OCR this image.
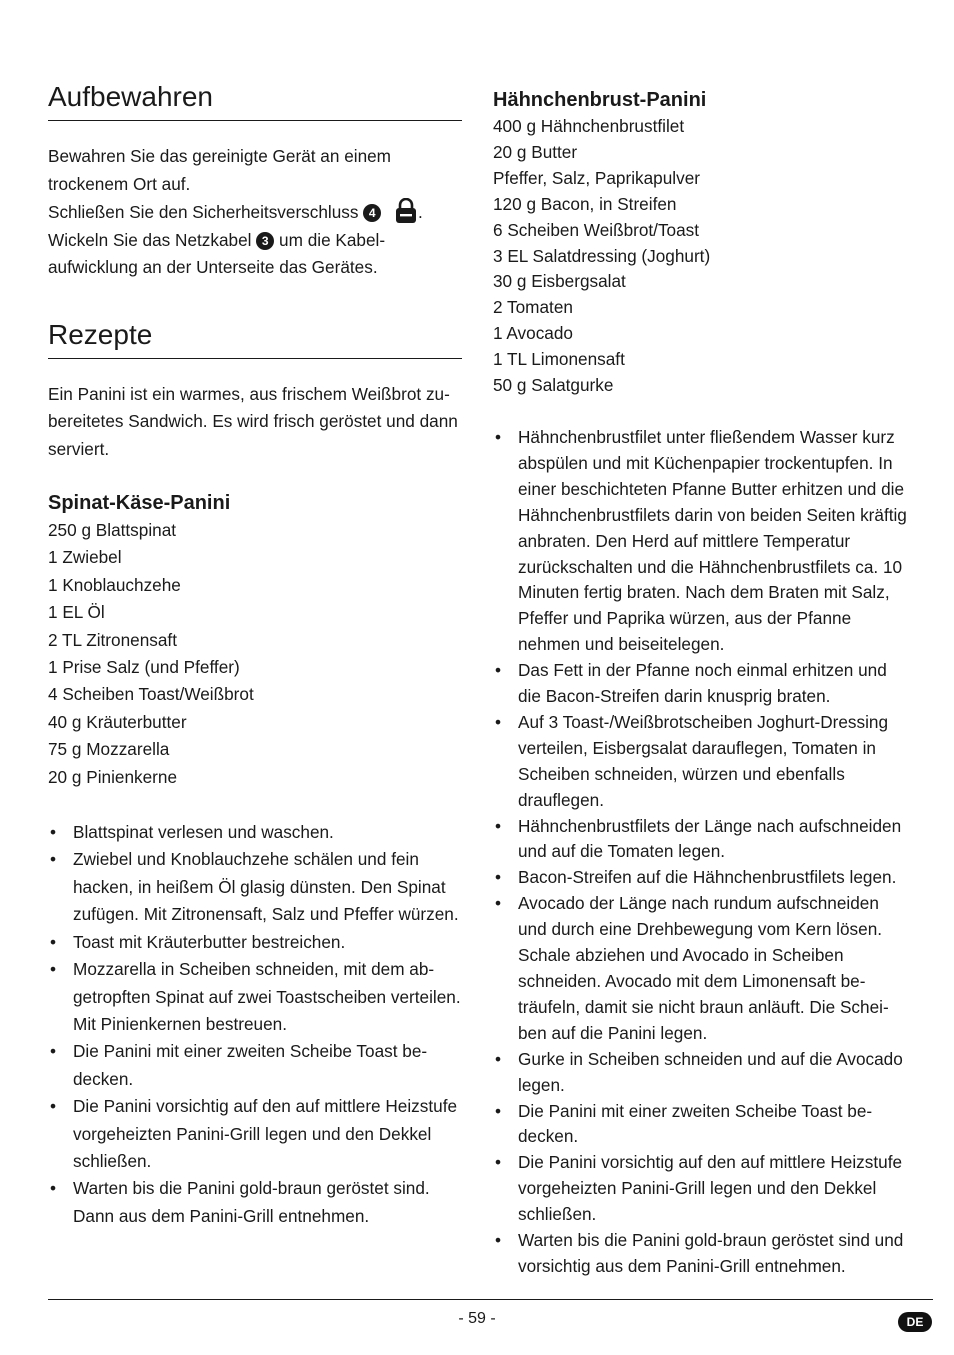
Aufbewahren

Bewahren Sie das gereinigte Gerät an einem trockenem Ort auf.
Schließen Sie den Sicherheitsverschluss 4 .
Wickeln Sie das Netzkabel 3 um die Kabelaufwicklung an der Unterseite das Gerätes.

Rezepte

Ein Panini ist ein warmes, aus frischem Weißbrot zubereitetes Sandwich. Es wird frisch geröstet und dann serviert.

Spinat-Käse-Panini
250 g Blattspinat
1 Zwiebel
1 Knoblauchzehe
1 EL Öl
2 TL Zitronensaft
1 Prise Salz (und Pfeffer)
4 Scheiben Toast/Weißbrot
40 g Kräuterbutter
75 g Mozzarella
20 g Pinienkerne
• Blattspinat verlesen und waschen.
• Zwiebel und Knoblauchzehe schälen und fein hacken, in heißem Öl glasig dünsten. Den Spinat zufügen. Mit Zitronensaft, Salz und Pfeffer würzen.
• Toast mit Kräuterbutter bestreichen.
• Mozzarella in Scheiben schneiden, mit dem abgetropften Spinat auf zwei Toastscheiben verteilen. Mit Pinienkernen bestreuen.
• Die Panini mit einer zweiten Scheibe Toast bedecken.
• Die Panini vorsichtig auf den auf mittlere Heizstufe vorgeheizten Panini-Grill legen und den Dekkel schließen.
• Warten bis die Panini gold-braun geröstet sind. Dann aus dem Panini-Grill entnehmen.
Hähnchenbrust-Panini
400 g Hähnchenbrustfilet
20 g Butter
Pfeffer, Salz, Paprikapulver
120 g Bacon, in Streifen
6 Scheiben Weißbrot/Toast
3 EL Salatdressing (Joghurt)
30 g Eisbergsalat
2 Tomaten
1 Avocado
1 TL Limonensaft
50 g Salatgurke
• Hähnchenbrustfilet unter fließendem Wasser kurz abspülen und mit Küchenpapier trockentupfen. In einer beschichteten Pfanne Butter erhitzen und die Hähnchenbrustfilets darin von beiden Seiten kräftig anbraten. Den Herd auf mittlere Temperatur zurückschalten und die Hähnchenbrustfilets ca. 10 Minuten fertig braten. Nach dem Braten mit Salz, Pfeffer und Paprika würzen, aus der Pfanne nehmen und beiseitelegen.
• Das Fett in der Pfanne noch einmal erhitzen und die Bacon-Streifen darin knusprig braten.
• Auf 3 Toast-/Weißbrotscheiben Joghurt-Dressing verteilen, Eisbergsalat darauflegen, Tomaten in Scheiben schneiden, würzen und ebenfalls drauflegen.
• Hähnchenbrustfilets der Länge nach aufschneiden und auf die Tomaten legen.
• Bacon-Streifen auf die Hähnchenbrustfilets legen.
• Avocado der Länge nach rundum aufschneiden und durch eine Drehbewegung vom Kern lösen. Schale abziehen und Avocado in Scheiben schneiden. Avocado mit dem Limonensaft beträufeln, damit sie nicht braun anläuft. Die Scheiben auf die Panini legen.
• Gurke in Scheiben schneiden und auf die Avocado legen.
• Die Panini mit einer zweiten Scheibe Toast bedecken.
• Die Panini vorsichtig auf den auf mittlere Heizstufe vorgeheizten Panini-Grill legen und den Dekkel schließen.
• Warten bis die Panini gold-braun geröstet sind und vorsichtig aus dem Panini-Grill entnehmen.
- 59 -	DE
